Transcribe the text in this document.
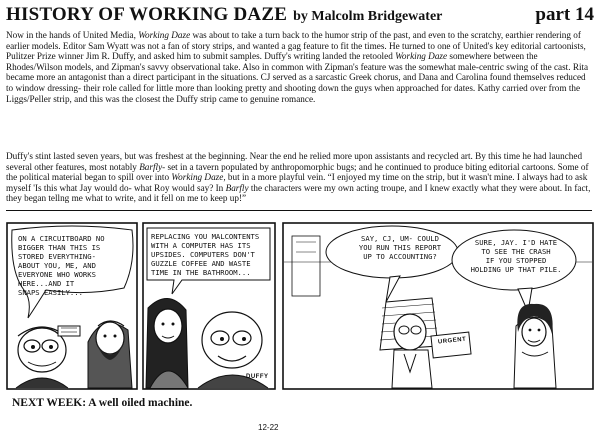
HISTORY OF WORKING DAZE by Malcolm Bridgewater	part 14
Now in the hands of United Media, Working Daze was about to take a turn back to the humor strip of the past, and even to the scratchy, earthier rendering of earlier models. Editor Sam Wyatt was not a fan of story strips, and wanted a gag feature to fit the times. He turned to one of United's key editorial cartoonists, Pulitzer Prize winner Jim R. Duffy, and asked him to submit samples. Duffy's writing landed the retooled Working Daze somewhere between the Rhodes/Wilson models, and Zipman's savvy observational take. Also in common with Zipman's feature was the somewhat male-centric swing of the cast. Rita became more an antagonist than a direct participant in the situations. CJ served as a sarcastic Greek chorus, and Dana and Carolina found themselves reduced to window dressing- their role called for little more than looking pretty and shooting down the guys when approached for dates. Kathy carried over from the Liggs/Peller strip, and this was the closest the Duffy strip came to genuine romance.
Duffy's stint lasted seven years, but was freshest at the beginning. Near the end he relied more upon assistants and recycled art. By this time he had launched several other features, most notably Barfly- set in a tavern populated by anthropomorphic bugs; and he continued to produce biting editorial cartoons. Some of the political material began to spill over into Working Daze, but in a more playful vein. “I enjoyed my time on the strip, but it wasn't mine. I always had to ask myself 'Is this what Jay would do- what Roy would say? In Barfly the characters were my own acting troupe, and I knew exactly what they were about. In fact, they began tellng me what to write, and it fell on me to keep up!”
ON A CIRCUITBOARD NO
BIGGER THAN THIS IS
STORED EVERYTHING-
ABOUT YOU, ME, AND
EVERYONE WHO WORKS
HERE...AND IT
SNAPS EASILY...
REPLACING YOU MALCONTENTS
WITH A COMPUTER HAS ITS
UPSIDES. COMPUTERS DON'T
GUZZLE COFFEE AND WASTE
TIME IN THE BATHROOM...
SAY, CJ, UM- COULD
YOU RUN THIS REPORT
UP TO ACCOUNTING?
SURE, JAY. I'D HATE
TO SEE THE CRASH
IF YOU STOPPED
HOLDING UP THAT PILE.
URGENT
DUFFY
NEXT WEEK: A well oiled machine.
12-22
